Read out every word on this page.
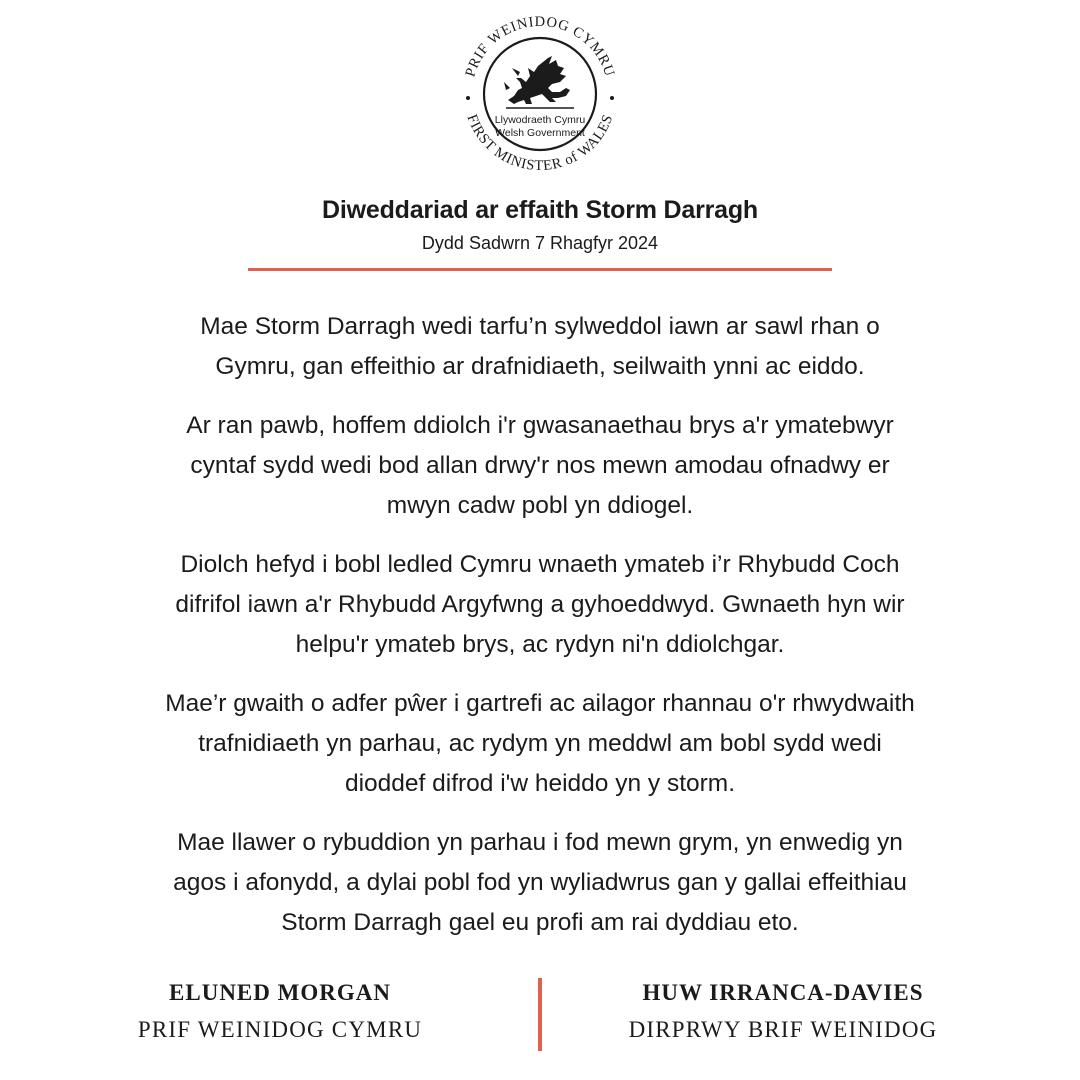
PRIF WEINIDOG CYMRU
FIRST MINISTER of WALES
Llywodraeth Cymru
Welsh Government
Diweddariad ar effaith Storm Darragh
Dydd Sadwrn 7 Rhagfyr 2024

Mae Storm Darragh wedi tarfu’n sylweddol iawn ar sawl rhan o
Gymru, gan effeithio ar drafnidiaeth, seilwaith ynni ac eiddo.

Ar ran pawb, hoffem ddiolch i'r gwasanaethau brys a'r ymatebwyr
cyntaf sydd wedi bod allan drwy'r nos mewn amodau ofnadwy er
mwyn cadw pobl yn ddiogel.

Diolch hefyd i bobl ledled Cymru wnaeth ymateb i’r Rhybudd Coch
difrifol iawn a'r Rhybudd Argyfwng a gyhoeddwyd. Gwnaeth hyn wir
helpu'r ymateb brys, ac rydyn ni'n ddiolchgar.

Mae’r gwaith o adfer pŵer i gartrefi ac ailagor rhannau o'r rhwydwaith
trafnidiaeth yn parhau, ac rydym yn meddwl am bobl sydd wedi
dioddef difrod i'w heiddo yn y storm.

Mae llawer o rybuddion yn parhau i fod mewn grym, yn enwedig yn
agos i afonydd, a dylai pobl fod yn wyliadwrus gan y gallai effeithiau
Storm Darragh gael eu profi am rai dyddiau eto.

ELUNED MORGAN
PRIF WEINIDOG CYMRU
HUW IRRANCA-DAVIES
DIRPRWY BRIF WEINIDOG
